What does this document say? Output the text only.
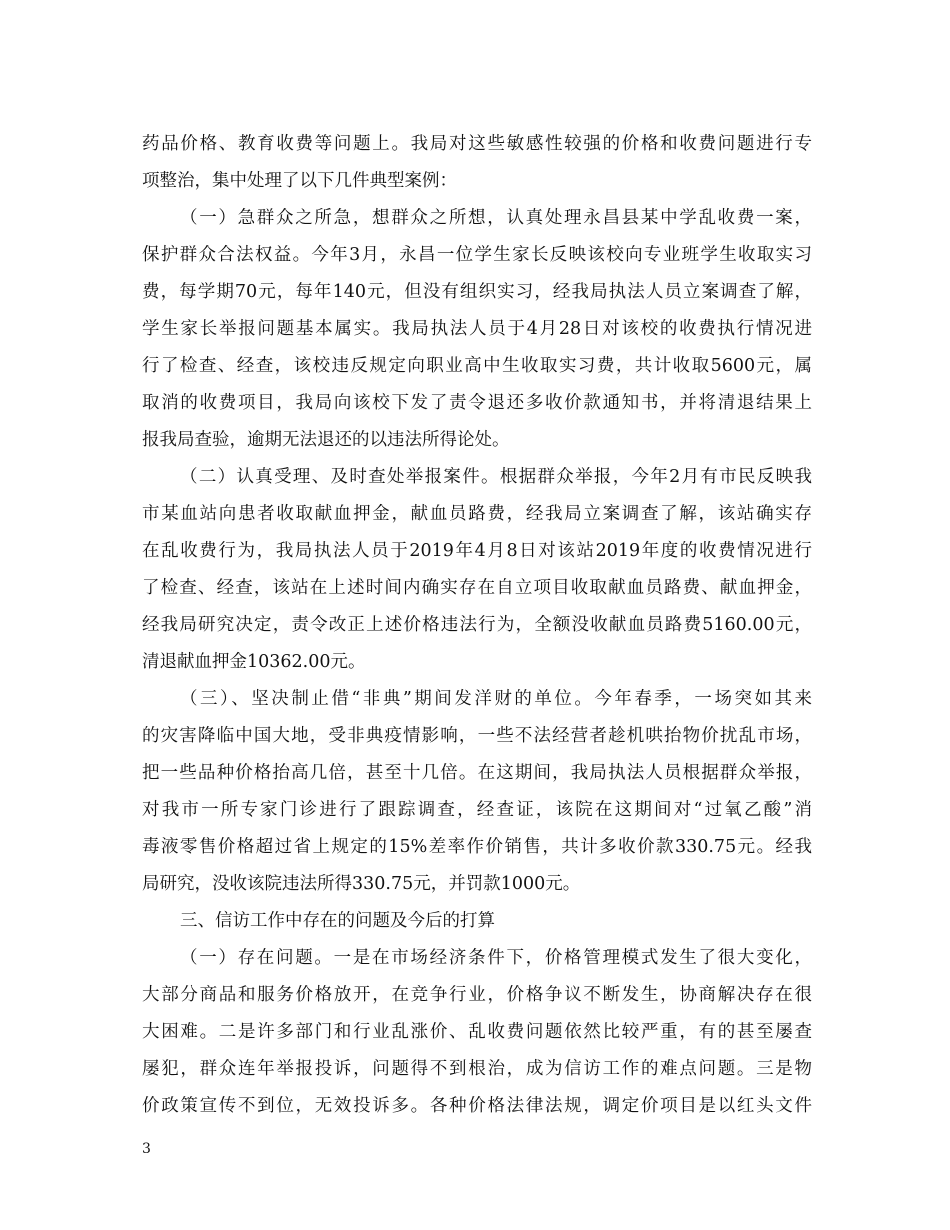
药品价格、教育收费等问题上。我局对这些敏感性较强的价格和收费问题进行专
项整治，集中处理了以下几件典型案例：
（一）急群众之所急，想群众之所想，认真处理永昌县某中学乱收费一案，
保护群众合法权益。今年3月，永昌一位学生家长反映该校向专业班学生收取实习
费，每学期70元，每年140元，但没有组织实习，经我局执法人员立案调查了解，
学生家长举报问题基本属实。我局执法人员于4月28日对该校的收费执行情况进
行了检查、经查，该校违反规定向职业高中生收取实习费，共计收取5600元，属
取消的收费项目，我局向该校下发了责令退还多收价款通知书，并将清退结果上
报我局查验，逾期无法退还的以违法所得论处。
（二）认真受理、及时查处举报案件。根据群众举报，今年2月有市民反映我
市某血站向患者收取献血押金，献血员路费，经我局立案调查了解，该站确实存
在乱收费行为，我局执法人员于2019年4月8日对该站2019年度的收费情况进行
了检查、经查，该站在上述时间内确实存在自立项目收取献血员路费、献血押金，
经我局研究决定，责令改正上述价格违法行为，全额没收献血员路费5160.00元，
清退献血押金10362.00元。
（三）、坚决制止借“非典”期间发洋财的单位。今年春季，一场突如其来
的灾害降临中国大地，受非典疫情影响，一些不法经营者趁机哄抬物价扰乱市场，
把一些品种价格抬高几倍，甚至十几倍。在这期间，我局执法人员根据群众举报，
对我市一所专家门诊进行了跟踪调查，经查证，该院在这期间对“过氧乙酸”消
毒液零售价格超过省上规定的15%差率作价销售，共计多收价款330.75元。经我
局研究，没收该院违法所得330.75元，并罚款1000元。
三、信访工作中存在的问题及今后的打算
（一）存在问题。一是在市场经济条件下，价格管理模式发生了很大变化，
大部分商品和服务价格放开，在竞争行业，价格争议不断发生，协商解决存在很
大困难。二是许多部门和行业乱涨价、乱收费问题依然比较严重，有的甚至屡查
屡犯，群众连年举报投诉，问题得不到根治，成为信访工作的难点问题。三是物
价政策宣传不到位，无效投诉多。各种价格法律法规，调定价项目是以红头文件
3
